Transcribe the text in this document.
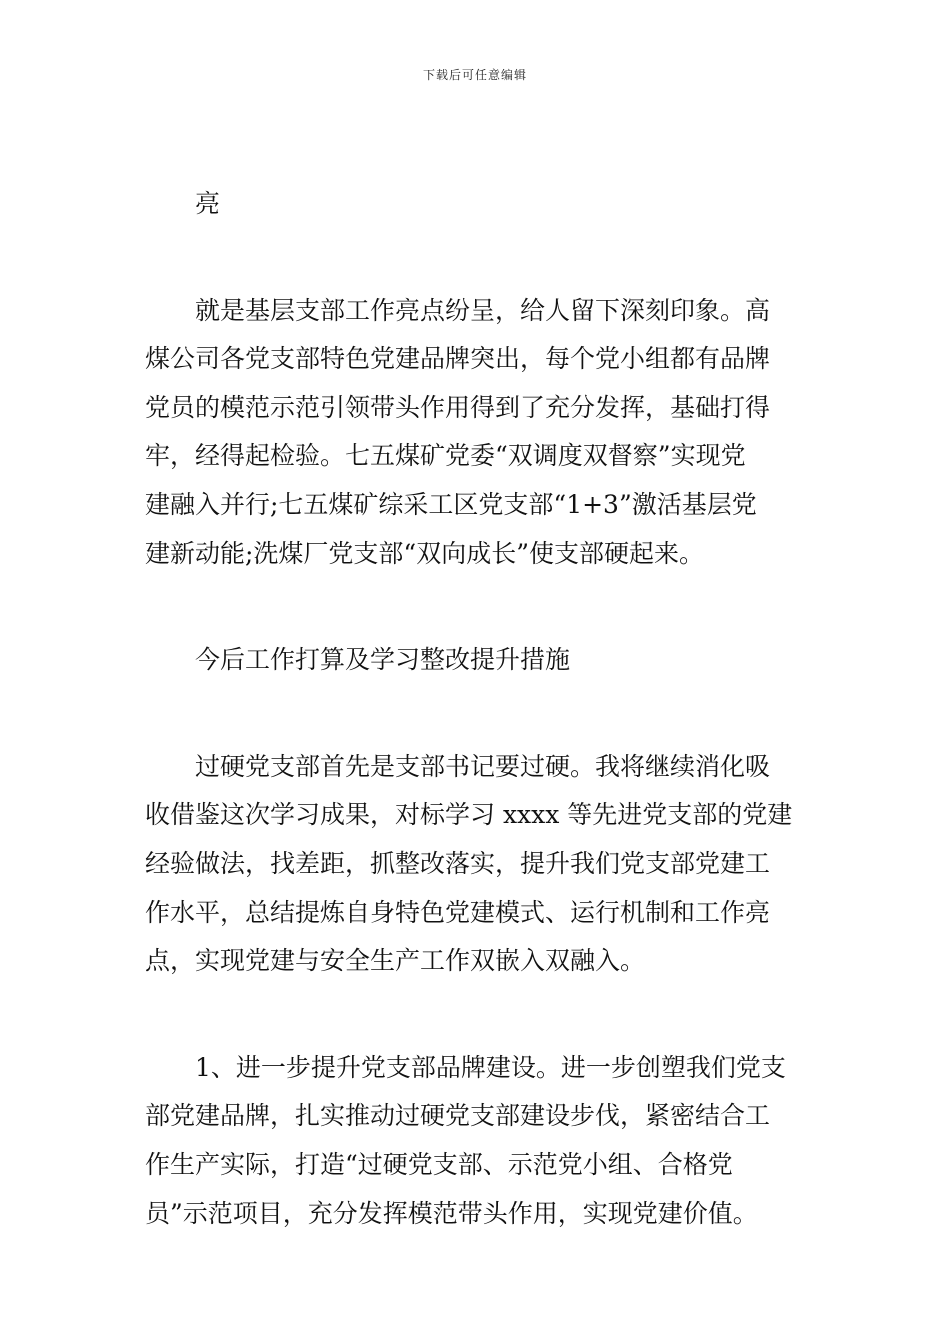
下载后可任意编辑

亮

就是基层支部工作亮点纷呈，给人留下深刻印象。高
煤公司各党支部特色党建品牌突出，每个党小组都有品牌
党员的模范示范引领带头作用得到了充分发挥，基础打得
牢，经得起检验。七五煤矿党委“双调度双督察”实现党
建融入并行;七五煤矿综采工区党支部“1+3”激活基层党
建新动能;洗煤厂党支部“双向成长”使支部硬起来。

今后工作打算及学习整改提升措施

过硬党支部首先是支部书记要过硬。我将继续消化吸
收借鉴这次学习成果，对标学习 xxxx 等先进党支部的党建
经验做法，找差距，抓整改落实，提升我们党支部党建工
作水平，总结提炼自身特色党建模式、运行机制和工作亮
点，实现党建与安全生产工作双嵌入双融入。

1、进一步提升党支部品牌建设。进一步创塑我们党支
部党建品牌，扎实推动过硬党支部建设步伐，紧密结合工
作生产实际，打造“过硬党支部、示范党小组、合格党
员”示范项目，充分发挥模范带头作用，实现党建价值。
